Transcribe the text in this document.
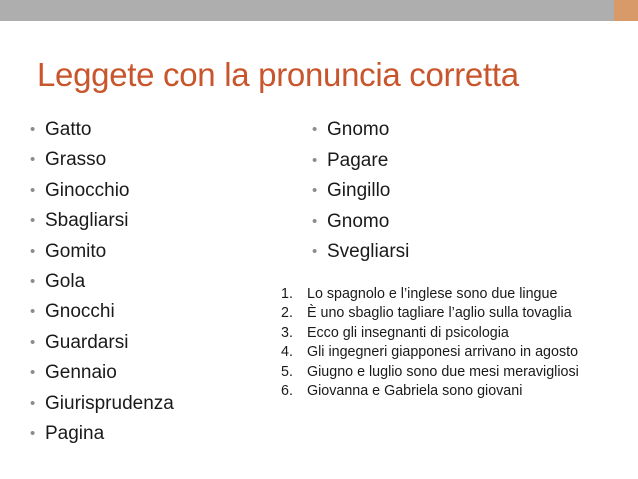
Leggete con la pronuncia corretta
• Gatto
• Grasso
• Ginocchio
• Sbagliarsi
• Gomito
• Gola
• Gnocchi
• Guardarsi
• Gennaio
• Giurisprudenza
• Pagina
• Gnomo
• Pagare
• Gingillo
• Gnomo
• Svegliarsi
1. Lo spagnolo e l’inglese sono due lingue
2. È uno sbaglio tagliare l’aglio sulla tovaglia
3. Ecco gli insegnanti di psicologia
4. Gli ingegneri giapponesi arrivano in agosto
5. Giugno e luglio sono due mesi meravigliosi
6. Giovanna e Gabriela sono giovani
